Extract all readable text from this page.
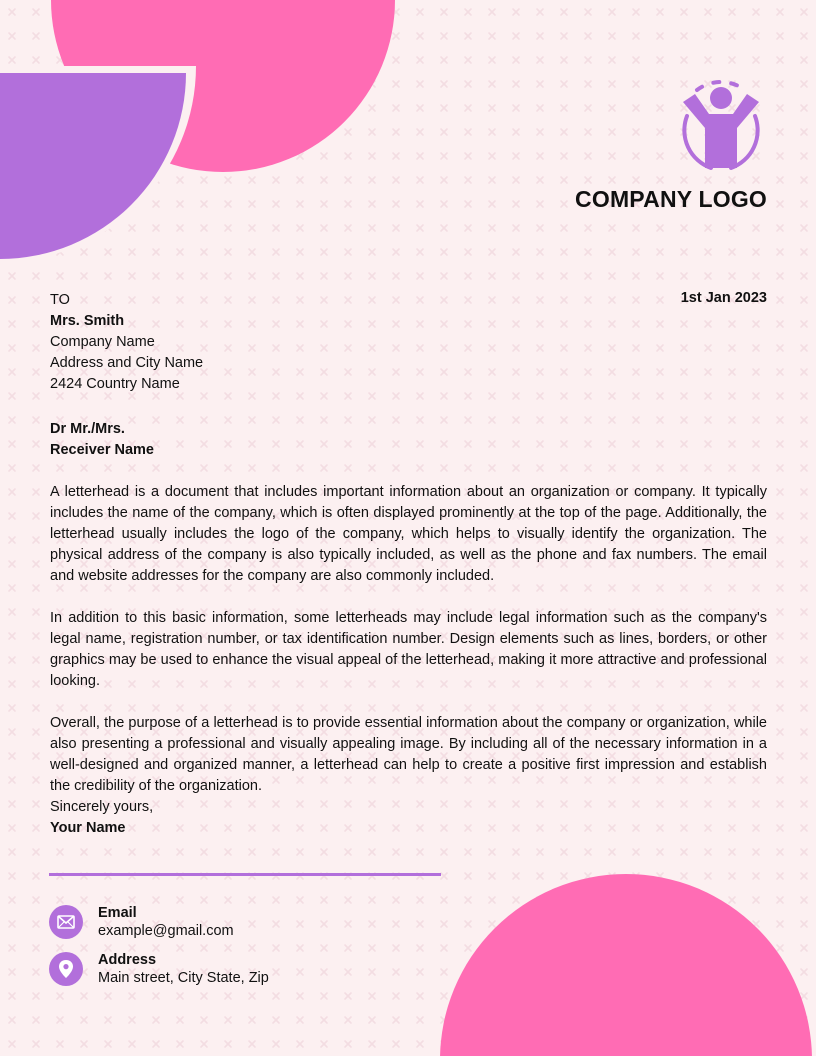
COMPANY LOGO
1st Jan 2023
TO
Mrs. Smith
Company Name
Address and City Name
2424 Country Name
Dr Mr./Mrs.
Receiver Name

A letterhead is a document that includes important information about an organization or company. It typically includes the name of the company, which is often displayed prominently at the top of the page. Additionally, the letterhead usually includes the logo of the company, which helps to visually identify the organization. The physical address of the company is also typically included, as well as the phone and fax numbers. The email and website addresses for the company are also commonly included.

In addition to this basic information, some letterheads may include legal information such as the company's legal name, registration number, or tax identification number. Design elements such as lines, borders, or other graphics may be used to enhance the visual appeal of the letterhead, making it more attractive and professional looking.

Overall, the purpose of a letterhead is to provide essential information about the company or organization, while also presenting a professional and visually appealing image. By including all of the necessary information in a well-designed and organized manner, a letterhead can help to create a positive first impression and establish the credibility of the organization.

Sincerely yours,
Your Name
Email
example@gmail.com
Address
Main street, City State, Zip
